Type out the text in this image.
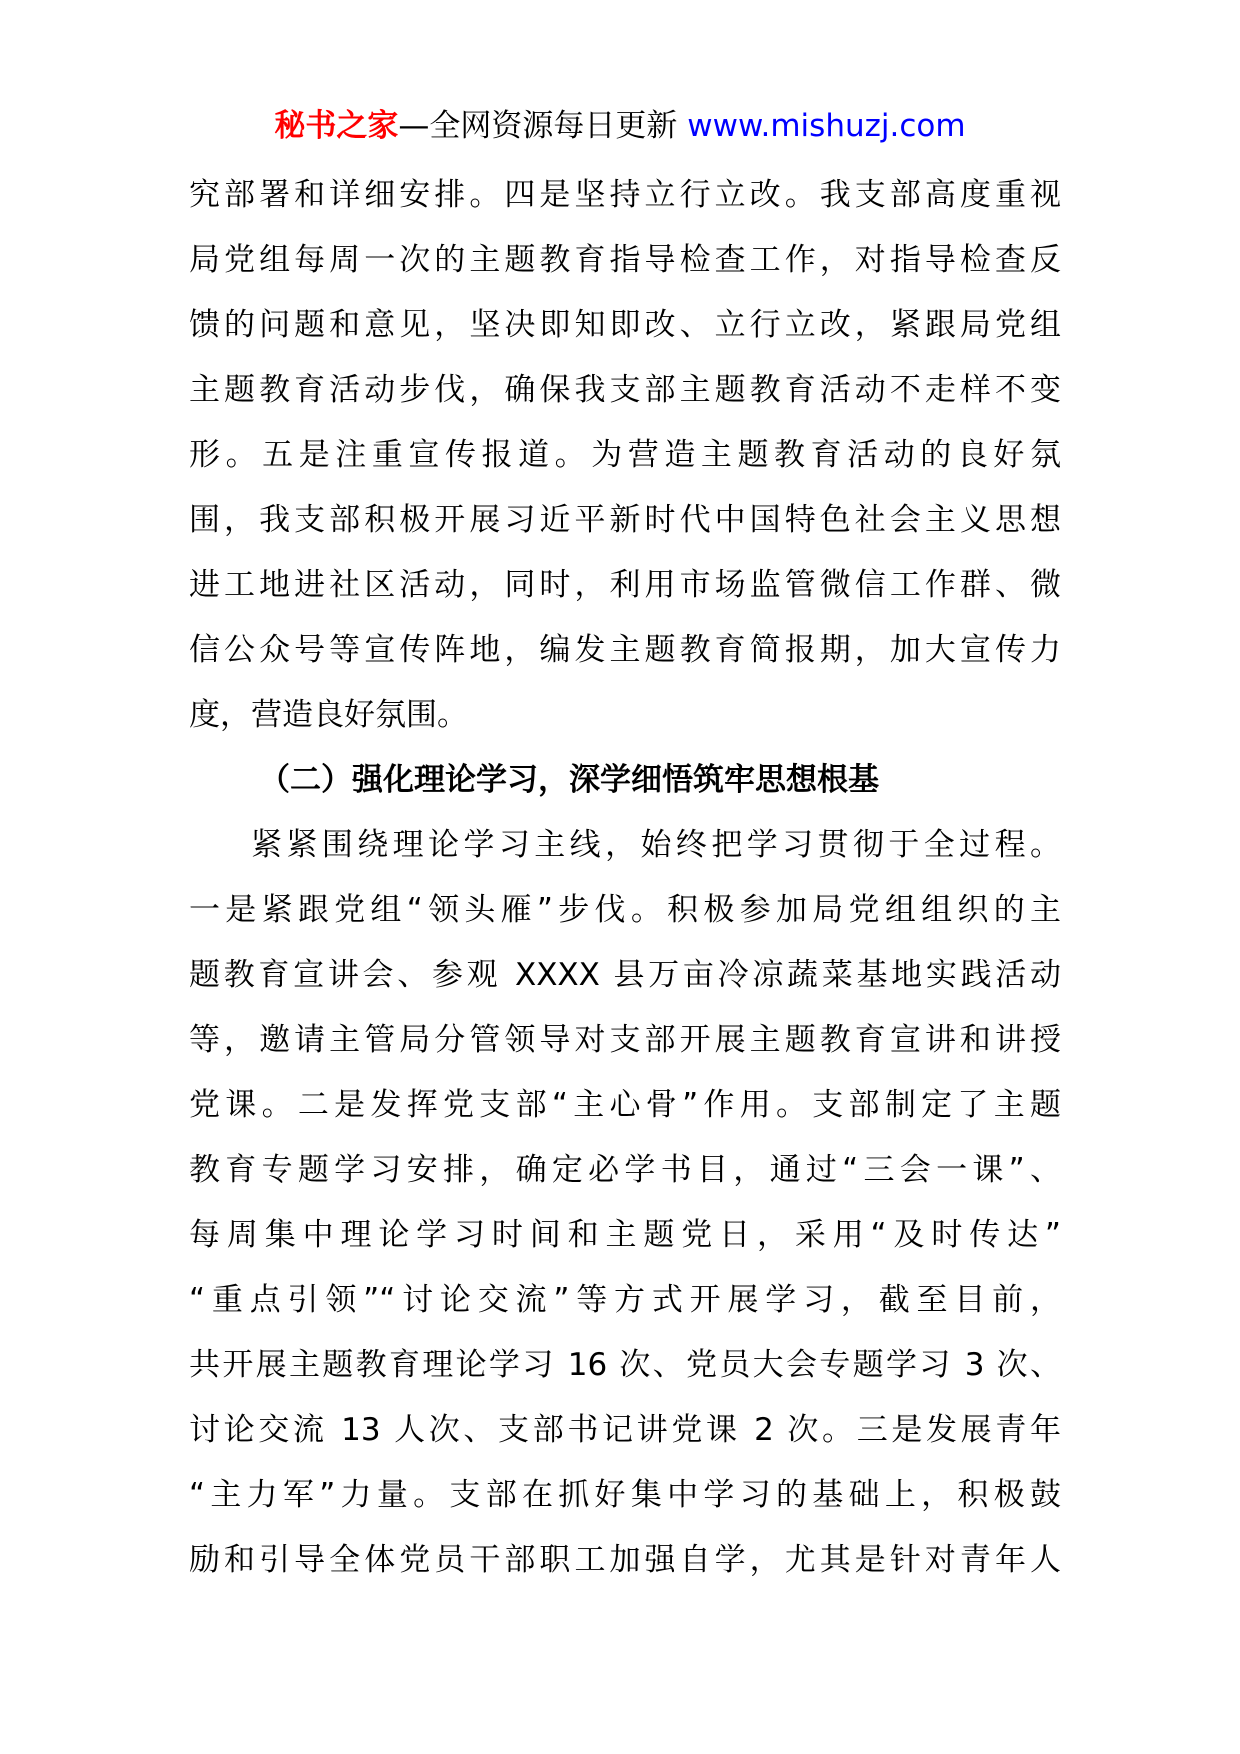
秘书之家—全网资源每日更新 www.mishuzj.com
究部署和详细安排。四是坚持立行立改。我支部高度重视
局党组每周一次的主题教育指导检查工作，对指导检查反
馈的问题和意见，坚决即知即改、立行立改，紧跟局党组
主题教育活动步伐，确保我支部主题教育活动不走样不变
形。五是注重宣传报道。为营造主题教育活动的良好氛
围，我支部积极开展习近平新时代中国特色社会主义思想
进工地进社区活动，同时，利用市场监管微信工作群、微
信公众号等宣传阵地，编发主题教育简报期，加大宣传力
度，营造良好氛围。
（二）强化理论学习，深学细悟筑牢思想根基
紧紧围绕理论学习主线，始终把学习贯彻于全过程。
一是紧跟党组“领头雁”步伐。积极参加局党组组织的主
题教育宣讲会、参观 XXXX 县万亩冷凉蔬菜基地实践活动
等，邀请主管局分管领导对支部开展主题教育宣讲和讲授
党课。二是发挥党支部“主心骨”作用。支部制定了主题
教育专题学习安排，确定必学书目，通过“三会一课”、
每周集中理论学习时间和主题党日，采用“及时传达”
“重点引领”“讨论交流”等方式开展学习，截至目前，
共开展主题教育理论学习 16 次、党员大会专题学习 3 次、
讨论交流 13 人次、支部书记讲党课 2 次。三是发展青年
“主力军”力量。支部在抓好集中学习的基础上，积极鼓
励和引导全体党员干部职工加强自学，尤其是针对青年人
